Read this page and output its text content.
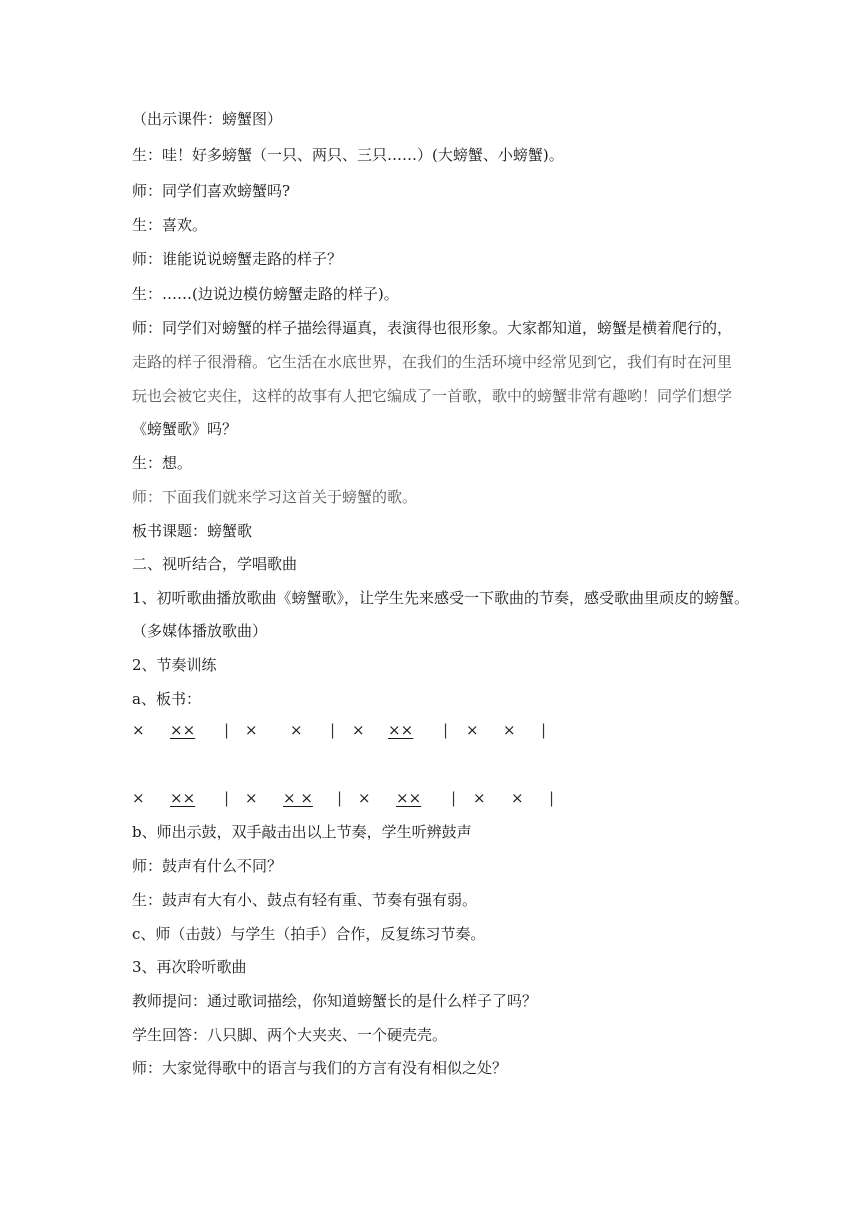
（出示课件：螃蟹图）
生：哇！好多螃蟹（一只、两只、三只……）(大螃蟹、小螃蟹)。
师：同学们喜欢螃蟹吗?
生：喜欢。
师：谁能说说螃蟹走路的样子？
生：……(边说边模仿螃蟹走路的样子)。
师：同学们对螃蟹的样子描绘得逼真，表演得也很形象。大家都知道，螃蟹是横着爬行的，
走路的样子很滑稽。它生活在水底世界，在我们的生活环境中经常见到它，我们有时在河里
玩也会被它夹住，这样的故事有人把它编成了一首歌，歌中的螃蟹非常有趣哟！同学们想学
《螃蟹歌》吗？
生：想。
师：下面我们就来学习这首关于螃蟹的歌。
板书课题：螃蟹歌
二、视听结合，学唱歌曲
1、初听歌曲播放歌曲《螃蟹歌》，让学生先来感受一下歌曲的节奏，感受歌曲里顽皮的螃蟹。
（多媒体播放歌曲）
2、节奏训练
a、板书：
× ×× | × × | × ×× | × × |
× ×× | × × × | × ×× | × × |
b、师出示鼓，双手敲击出以上节奏，学生听辨鼓声
师：鼓声有什么不同？
生：鼓声有大有小、鼓点有轻有重、节奏有强有弱。
c、师（击鼓）与学生（拍手）合作，反复练习节奏。
3、再次聆听歌曲
教师提问：通过歌词描绘，你知道螃蟹长的是什么样子了吗？
学生回答：八只脚、两个大夹夹、一个硬壳壳。
师：大家觉得歌中的语言与我们的方言有没有相似之处？
